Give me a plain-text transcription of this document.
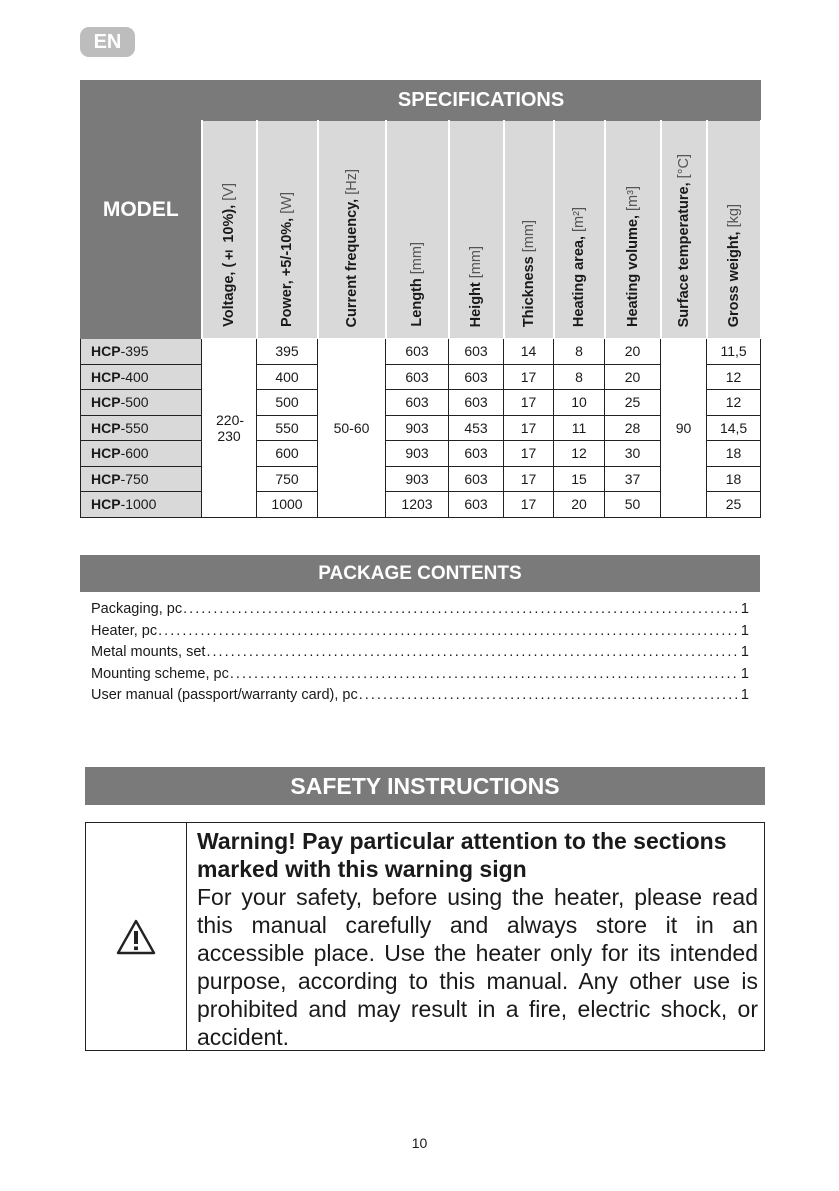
EN
MODEL	SPECIFICATIONS									
	Voltage, (± 10%), [V]	Power, +5/-10%, [W]	Current frequency, [Hz]	Length [mm]	Height [mm]	Thickness [mm]	Heating area, [m²]	Heating volume, [m³]	Surface temperature, [°C]	Gross weight, [kg]
HCP-395	220-230	395	50-60	603	603	14	8	20	90	11,5
HCP-400		400		603	603	17	8	20		12
HCP-500		500		603	603	17	10	25		12
HCP-550		550		903	453	17	11	28		14,5
HCP-600		600		903	603	17	12	30		18
HCP-750		750		903	603	17	15	37		18
HCP-1000		1000		1203	603	17	20	50		25
PACKAGE CONTENTS
Packaging, pc . . .	1
Heater, pc . . .	1
Metal mounts, set . . .	1
Mounting scheme, pc . . .	1
User manual (passport/warranty card), pc . . .	1
SAFETY INSTRUCTIONS

Warning! Pay particular attention to the sections marked with this warning sign

For your safety, before using the heater, please read this manual carefully and always store it in an accessible place. Use the heater only for its intended purpose, according to this manual. Any other use is prohibited and may result in a fire, electric shock, or accident.

10
